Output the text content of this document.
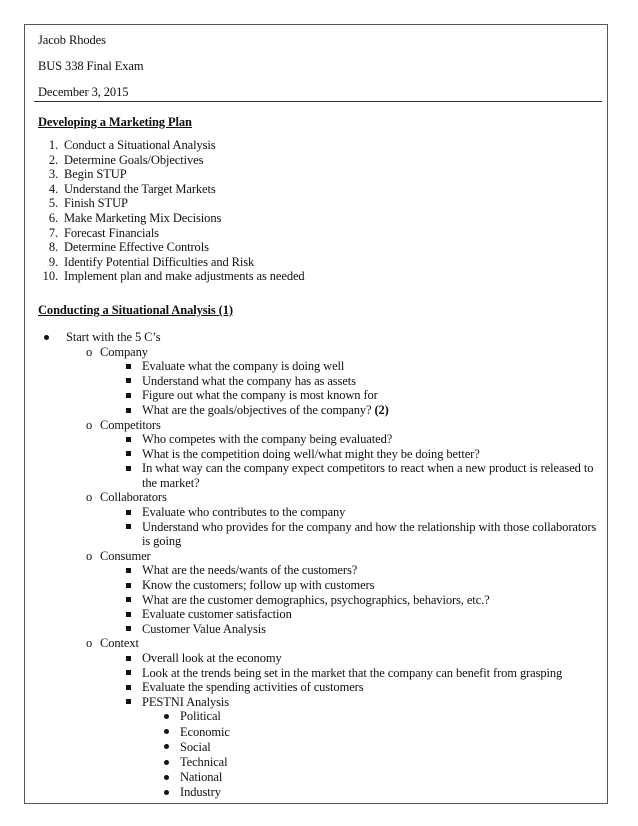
Jacob Rhodes
BUS 338 Final Exam
December 3, 2015
Developing a Marketing Plan
1. Conduct a Situational Analysis
2. Determine Goals/Objectives
3. Begin STUP
4. Understand the Target Markets
5. Finish STUP
6. Make Marketing Mix Decisions
7. Forecast Financials
8. Determine Effective Controls
9. Identify Potential Difficulties and Risk
10. Implement plan and make adjustments as needed
Conducting a Situational Analysis (1)
Start with the 5 C’s
o Company
Evaluate what the company is doing well
Understand what the company has as assets
Figure out what the company is most known for
What are the goals/objectives of the company? (2)
o Competitors
Who competes with the company being evaluated?
What is the competition doing well/what might they be doing better?
In what way can the company expect competitors to react when a new product is released to the market?
o Collaborators
Evaluate who contributes to the company
Understand who provides for the company and how the relationship with those collaborators is going
o Consumer
What are the needs/wants of the customers?
Know the customers; follow up with customers
What are the customer demographics, psychographics, behaviors, etc.?
Evaluate customer satisfaction
Customer Value Analysis
o Context
Overall look at the economy
Look at the trends being set in the market that the company can benefit from grasping
Evaluate the spending activities of customers
PESTNI Analysis
Political
Economic
Social
Technical
National
Industry
